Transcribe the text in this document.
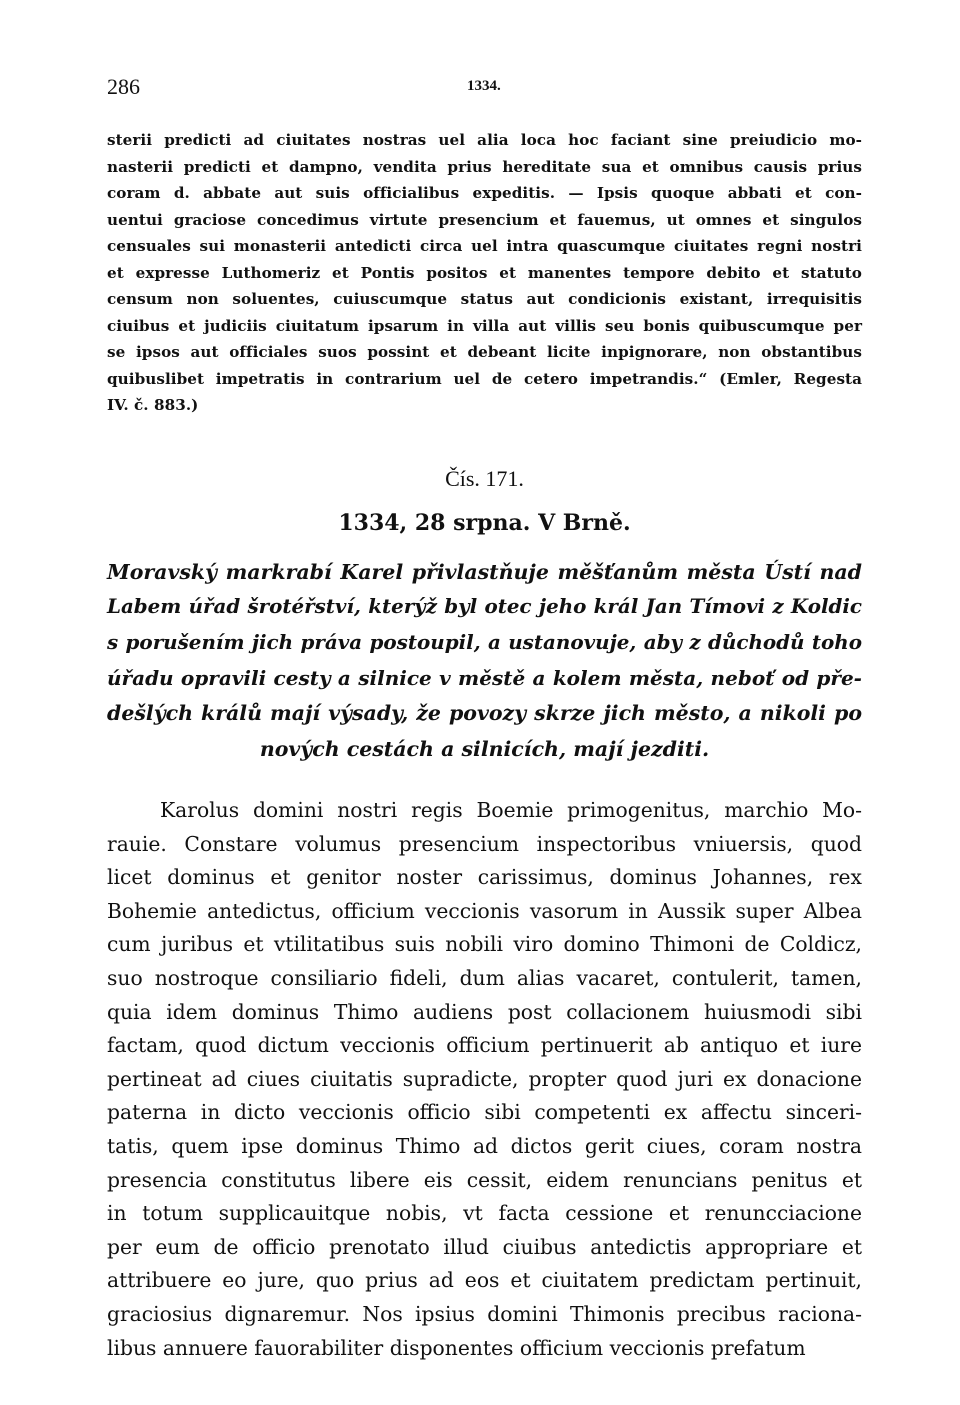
286	1334.
sterii predicti ad ciuitates nostras uel alia loca hoc faciant sine preiudicio mo-
nasterii predicti et dampno, vendita prius hereditate sua et omnibus causis prius
coram d. abbate aut suis officialibus expeditis. — Ipsis quoque abbati et con-
uentui graciose concedimus virtute presencium et fauemus, ut omnes et singulos
censuales sui monasterii antedicti circa uel intra quascumque ciuitates regni nostri
et expresse Luthomeriz et Pontis positos et manentes tempore debito et statuto
censum non soluentes, cuiuscumque status aut condicionis existant, irrequisitis
ciuibus et judiciis ciuitatum ipsarum in villa aut villis seu bonis quibuscumque per
se ipsos aut officiales suos possint et debeant licite inpignorare, non obstantibus
quibuslibet impetratis in contrarium uel de cetero impetrandis.“ (Emler, Regesta
IV. č. 883.)
Čís. 171.
1334, 28 srpna. V Brně.
Moravský markrabí Karel přivlastňuje měšťanům města Ústí nad
Labem úřad šrotéřství, kterýž byl otec jeho král Jan Tímovi z Koldic
s porušením jich práva postoupil, a ustanovuje, aby z důchodů toho
úřadu opravili cesty a silnice v městě a kolem města, neboť od pře-
dešlých králů mají výsady, že povozy skrze jich město, a nikoli po
nových cestách a silnicích, mají jezditi.
Karolus domini nostri regis Boemie primogenitus, marchio Mo-
rauie. Constare volumus presencium inspectoribus vniuersis, quod
licet dominus et genitor noster carissimus, dominus Johannes, rex
Bohemie antedictus, officium veccionis vasorum in Aussik super Albea
cum juribus et vtilitatibus suis nobili viro domino Thimoni de Coldicz,
suo nostroque consiliario fideli, dum alias vacaret, contulerit, tamen,
quia idem dominus Thimo audiens post collacionem huiusmodi sibi
factam, quod dictum veccionis officium pertinuerit ab antiquo et iure
pertineat ad ciues ciuitatis supradicte, propter quod juri ex donacione
paterna in dicto veccionis officio sibi competenti ex affectu sinceri-
tatis, quem ipse dominus Thimo ad dictos gerit ciues, coram nostra
presencia constitutus libere eis cessit, eidem renuncians penitus et
in totum supplicauitque nobis, vt facta cessione et renuncciacione
per eum de officio prenotato illud ciuibus antedictis appropriare et
attribuere eo jure, quo prius ad eos et ciuitatem predictam pertinuit,
graciosius dignaremur. Nos ipsius domini Thimonis precibus raciona-
libus annuere fauorabiliter disponentes officium veccionis prefatum
